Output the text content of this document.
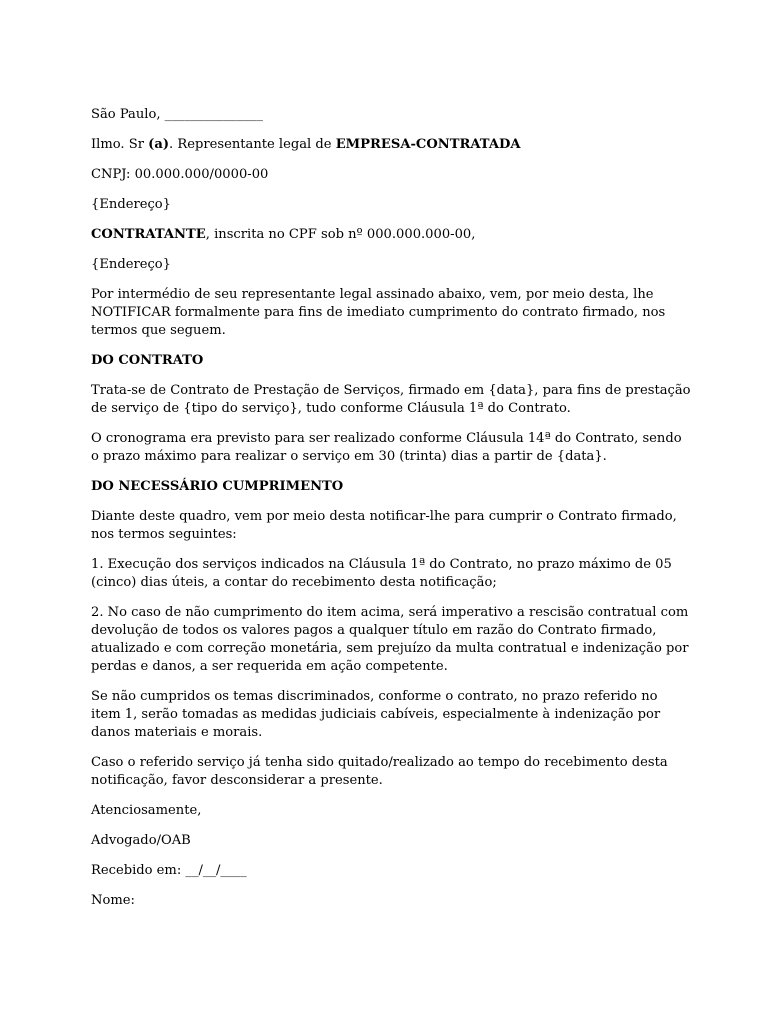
São Paulo, _______________

Ilmo. Sr (a). Representante legal de EMPRESA-CONTRATADA

CNPJ: 00.000.000/0000-00

{Endereço}

CONTRATANTE, inscrita no CPF sob nº 000.000.000-00,

{Endereço}

Por intermédio de seu representante legal assinado abaixo, vem, por meio desta, lhe NOTIFICAR formalmente para fins de imediato cumprimento do contrato firmado, nos termos que seguem.

DO CONTRATO

Trata-se de Contrato de Prestação de Serviços, firmado em {data}, para fins de prestação de serviço de {tipo do serviço}, tudo conforme Cláusula 1ª do Contrato.

O cronograma era previsto para ser realizado conforme Cláusula 14ª do Contrato, sendo o prazo máximo para realizar o serviço em 30 (trinta) dias a partir de {data}.

DO NECESSÁRIO CUMPRIMENTO

Diante deste quadro, vem por meio desta notificar-lhe para cumprir o Contrato firmado, nos termos seguintes:

1. Execução dos serviços indicados na Cláusula 1ª do Contrato, no prazo máximo de 05 (cinco) dias úteis, a contar do recebimento desta notificação;

2. No caso de não cumprimento do item acima, será imperativo a rescisão contratual com devolução de todos os valores pagos a qualquer título em razão do Contrato firmado, atualizado e com correção monetária, sem prejuízo da multa contratual e indenização por perdas e danos, a ser requerida em ação competente.

Se não cumpridos os temas discriminados, conforme o contrato, no prazo referido no item 1, serão tomadas as medidas judiciais cabíveis, especialmente à indenização por danos materiais e morais.

Caso o referido serviço já tenha sido quitado/realizado ao tempo do recebimento desta notificação, favor desconsiderar a presente.

Atenciosamente,

Advogado/OAB

Recebido em: __/__/____

Nome:
